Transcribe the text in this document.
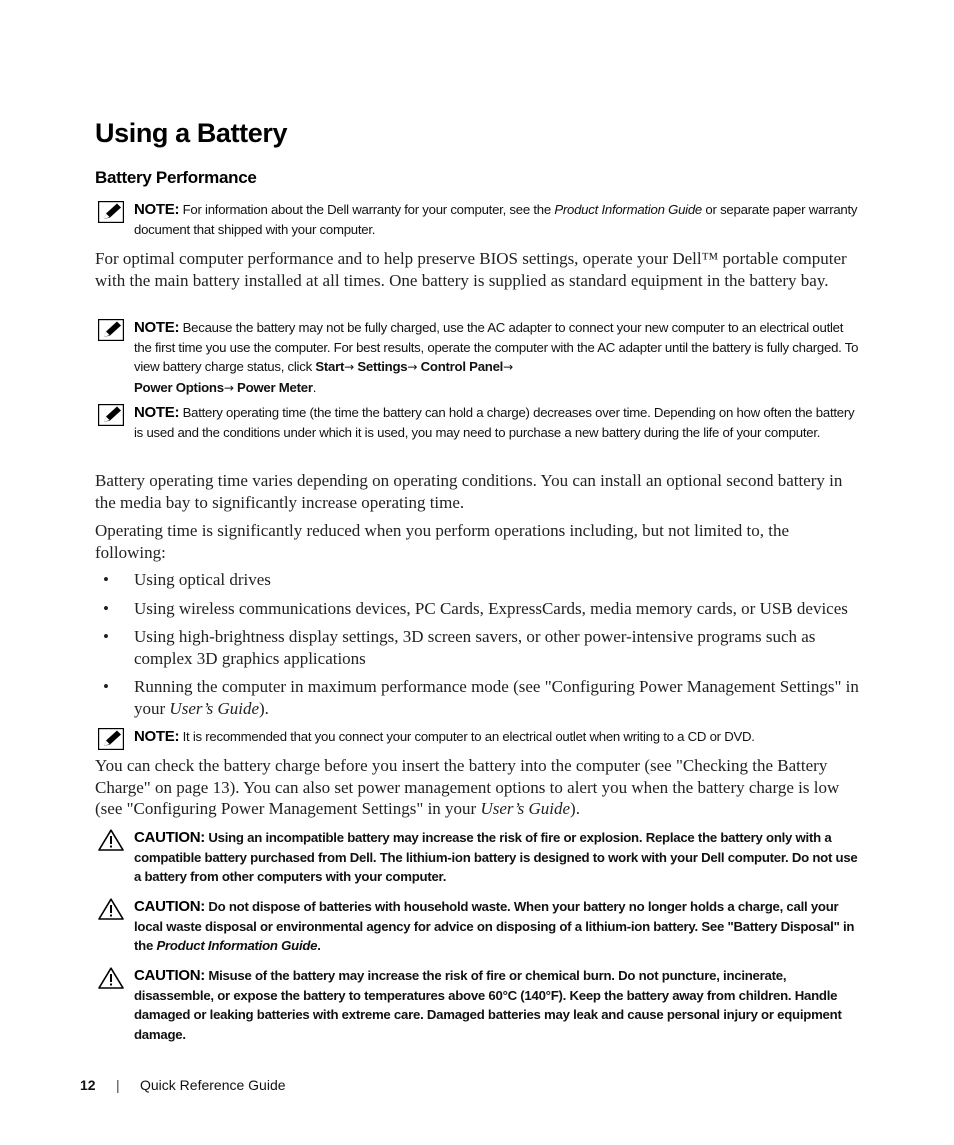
Using a Battery
Battery Performance
NOTE: For information about the Dell warranty for your computer, see the Product Information Guide or separate paper warranty document that shipped with your computer.

For optimal computer performance and to help preserve BIOS settings, operate your Dell™ portable computer with the main battery installed at all times. One battery is supplied as standard equipment in the battery bay.

NOTE: Because the battery may not be fully charged, use the AC adapter to connect your new computer to an electrical outlet the first time you use the computer. For best results, operate the computer with the AC adapter until the battery is fully charged. To view battery charge status, click Start→ Settings→ Control Panel→
Power Options→ Power Meter.
NOTE: Battery operating time (the time the battery can hold a charge) decreases over time. Depending on how often the battery is used and the conditions under which it is used, you may need to purchase a new battery during the life of your computer.

Battery operating time varies depending on operating conditions. You can install an optional second battery in the media bay to significantly increase operating time.

Operating time is significantly reduced when you perform operations including, but not limited to, the following:

• Using optical drives
• Using wireless communications devices, PC Cards, ExpressCards, media memory cards, or USB devices
• Using high-brightness display settings, 3D screen savers, or other power-intensive programs such as complex 3D graphics applications
• Running the computer in maximum performance mode (see "Configuring Power Management Settings" in your User’s Guide).
NOTE: It is recommended that you connect your computer to an electrical outlet when writing to a CD or DVD.

You can check the battery charge before you insert the battery into the computer (see "Checking the Battery Charge" on page 13). You can also set power management options to alert you when the battery charge is low (see "Configuring Power Management Settings" in your User’s Guide).

CAUTION: Using an incompatible battery may increase the risk of fire or explosion. Replace the battery only with a compatible battery purchased from Dell. The lithium-ion battery is designed to work with your Dell computer. Do not use a battery from other computers with your computer.
CAUTION: Do not dispose of batteries with household waste. When your battery no longer holds a charge, call your local waste disposal or environmental agency for advice on disposing of a lithium-ion battery. See "Battery Disposal" in the Product Information Guide.
CAUTION: Misuse of the battery may increase the risk of fire or chemical burn. Do not puncture, incinerate, disassemble, or expose the battery to temperatures above 60°C (140°F). Keep the battery away from children. Handle damaged or leaking batteries with extreme care. Damaged batteries may leak and cause personal injury or equipment damage.
12 | Quick Reference Guide
